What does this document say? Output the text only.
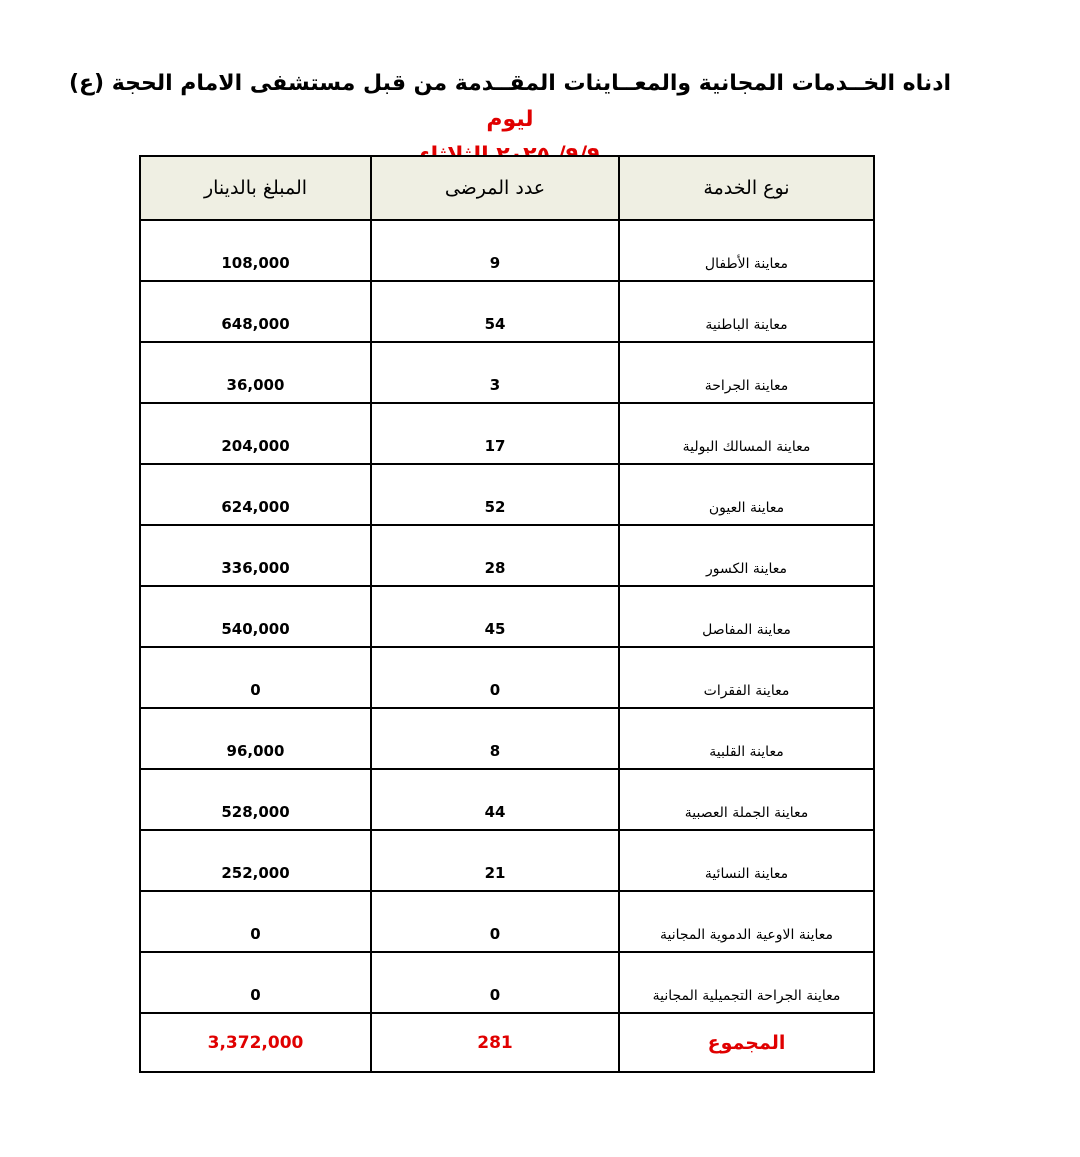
ادناه الخــدمات المجانية والمعــاينات المقــدمة من قبل مستشفى الامام الحجة (ع) ليوم
نوع الخدمة	عدد المرضى	المبلغ بالدينار
معاينة الأطفال	9	108,000
معاينة الباطنية	54	648,000
معاينة الجراحة	3	36,000
معاينة المسالك البولية	17	204,000
معاينة العيون	52	624,000
معاينة الكسور	28	336,000
معاينة المفاصل	45	540,000
معاينة الفقرات	0	0
معاينة القلبية	8	96,000
معاينة الجملة العصبية	44	528,000
معاينة النسائية	21	252,000
معاينة الاوعية الدموية المجانية	0	0
معاينة الجراحة التجميلية المجانية	0	0
المجموع	281	3,372,000
